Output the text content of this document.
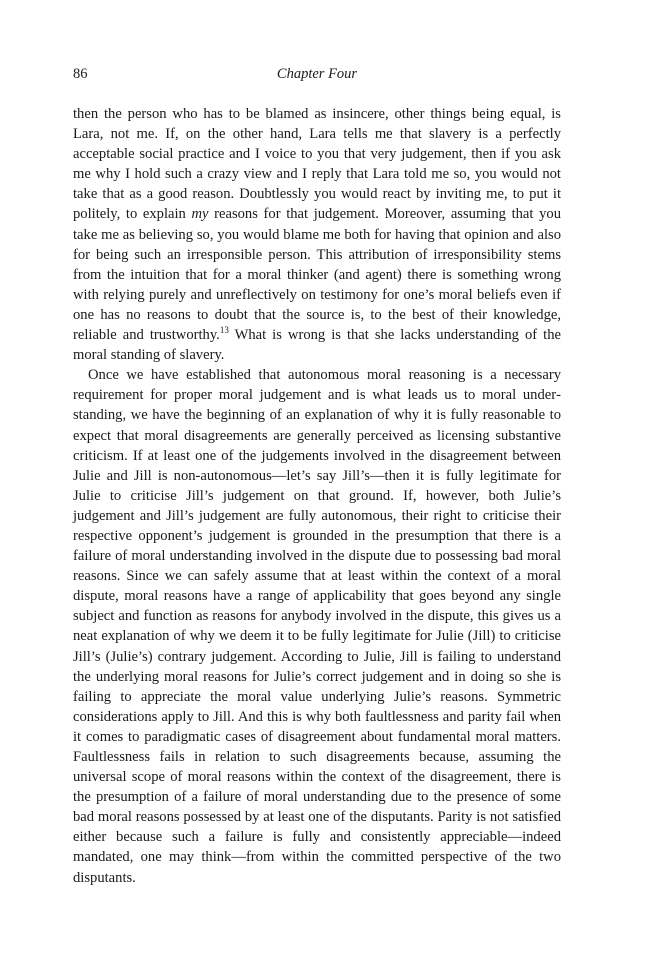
86	Chapter Four

then the person who has to be blamed as insincere, other things being equal, is Lara, not me. If, on the other hand, Lara tells me that slavery is a perfectly acceptable social practice and I voice to you that very judgement, then if you ask me why I hold such a crazy view and I reply that Lara told me so, you would not take that as a good reason. Doubtlessly you would react by inviting me, to put it politely, to explain my reasons for that judgement. Moreover, assuming that you take me as believing so, you would blame me both for having that opinion and also for being such an irresponsible person. This attribution of irresponsibility stems from the intuition that for a moral thinker (and agent) there is something wrong with relying purely and unreflectively on testimony for one’s moral beliefs even if one has no reasons to doubt that the source is, to the best of their knowledge, reliable and trustworthy.$^{13}$ What is wrong is that she lacks understanding of the moral standing of slavery.

Once we have established that autonomous moral reasoning is a necessary requirement for proper moral judgement and is what leads us to moral understanding, we have the beginning of an explanation of why it is fully reasonable to expect that moral disagreements are generally perceived as licensing substantive criticism. If at least one of the judgements involved in the disagreement between Julie and Jill is non-autonomous—let’s say Jill’s—then it is fully legitimate for Julie to criticise Jill’s judgement on that ground. If, however, both Julie’s judgement and Jill’s judgement are fully autonomous, their right to criticise their respective opponent’s judgement is grounded in the presumption that there is a failure of moral understanding involved in the dispute due to possessing bad moral reasons. Since we can safely assume that at least within the context of a moral dispute, moral reasons have a range of applicability that goes beyond any single subject and function as reasons for anybody involved in the dispute, this gives us a neat explanation of why we deem it to be fully legitimate for Julie (Jill) to criticise Jill’s (Julie’s) contrary judgement. According to Julie, Jill is failing to understand the underlying moral reasons for Julie’s correct judgement and in doing so she is failing to appreciate the moral value underlying Julie’s reasons. Symmetric considerations apply to Jill. And this is why both faultlessness and parity fail when it comes to paradigmatic cases of disagreement about fundamental moral matters. Faultlessness fails in relation to such disagreements because, assuming the universal scope of moral reasons within the context of the disagreement, there is the presumption of a failure of moral understanding due to the presence of some bad moral reasons possessed by at least one of the disputants. Parity is not satisfied either because such a failure is fully and consistently appreciable—indeed mandated, one may think—from within the committed perspective of the two disputants.
